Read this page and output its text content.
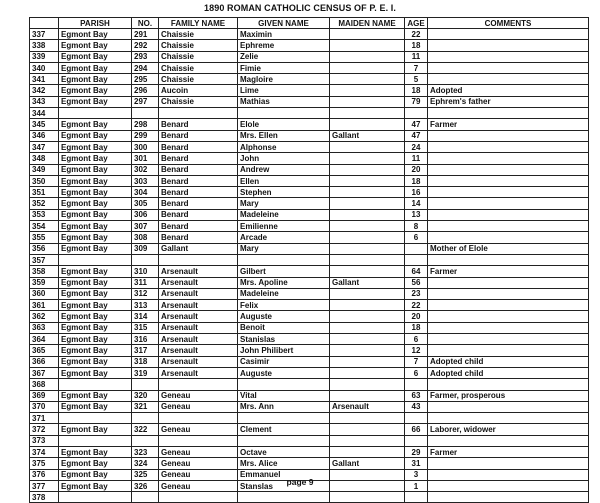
1890 ROMAN CATHOLIC CENSUS OF P. E. I.
	PARISH	NO.	FAMILY NAME	GIVEN NAME	MAIDEN NAME	AGE	COMMENTS
337	Egmont Bay	291	Chaissie	Maximin		22	
338	Egmont Bay	292	Chaissie	Ephreme		18	
339	Egmont Bay	293	Chaissie	Zelie		11	
340	Egmont Bay	294	Chaissie	Fimie		7	
341	Egmont Bay	295	Chaissie	Magloire		5	
342	Egmont Bay	296	Aucoin	Lime		18	Adopted
343	Egmont Bay	297	Chaissie	Mathias		79	Ephrem's father
344							
345	Egmont Bay	298	Benard	Elole		47	Farmer
346	Egmont Bay	299	Benard	Mrs. Ellen	Gallant	47	
347	Egmont Bay	300	Benard	Alphonse		24	
348	Egmont Bay	301	Benard	John		11	
349	Egmont Bay	302	Benard	Andrew		20	
350	Egmont Bay	303	Benard	Ellen		18	
351	Egmont Bay	304	Benard	Stephen		16	
352	Egmont Bay	305	Benard	Mary		14	
353	Egmont Bay	306	Benard	Madeleine		13	
354	Egmont Bay	307	Benard	Emilienne		8	
355	Egmont Bay	308	Benard	Arcade		6	
356	Egmont Bay	309	Gallant	Mary			Mother of Elole
357							
358	Egmont Bay	310	Arsenault	Gilbert		64	Farmer
359	Egmont Bay	311	Arsenault	Mrs. Apoline	Gallant	56	
360	Egmont Bay	312	Arsenault	Madeleine		23	
361	Egmont Bay	313	Arsenault	Felix		22	
362	Egmont Bay	314	Arsenault	Auguste		20	
363	Egmont Bay	315	Arsenault	Benoit		18	
364	Egmont Bay	316	Arsenault	Stanislas		6	
365	Egmont Bay	317	Arsenault	John Philibert		12	
366	Egmont Bay	318	Arsenault	Casimir		7	Adopted child
367	Egmont Bay	319	Arsenault	Auguste		6	Adopted child
368							
369	Egmont Bay	320	Geneau	Vital		63	Farmer, prosperous
370	Egmont Bay	321	Geneau	Mrs. Ann	Arsenault	43	
371							
372	Egmont Bay	322	Geneau	Clement		66	Laborer, widower
373							
374	Egmont Bay	323	Geneau	Octave		29	Farmer
375	Egmont Bay	324	Geneau	Mrs. Alice	Gallant	31	
376	Egmont Bay	325	Geneau	Emmanuel		3	
377	Egmont Bay	326	Geneau	Stanslas		1	
378							
page 9
